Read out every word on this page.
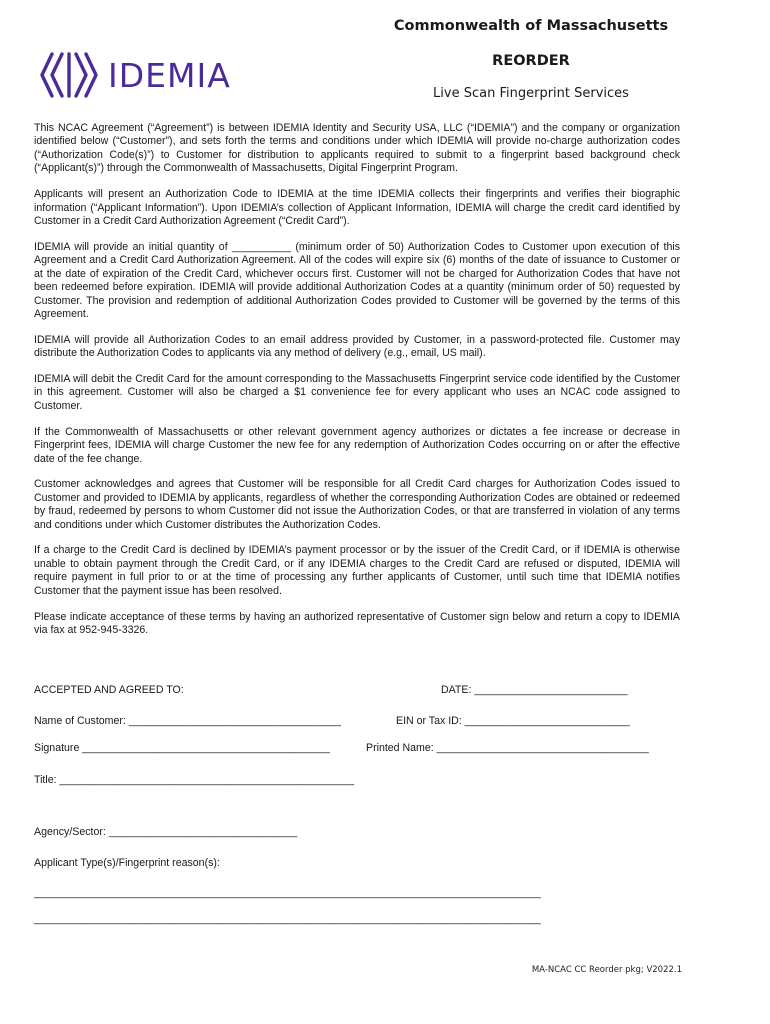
IDEMIA
Commonwealth of Massachusetts
REORDER
Live Scan Fingerprint Services

This NCAC Agreement (“Agreement”) is between IDEMIA Identity and Security USA, LLC (“IDEMIA”) and the company or organization identified below (“Customer”), and sets forth the terms and conditions under which IDEMIA will provide no-charge authorization codes (“Authorization Code(s)”) to Customer for distribution to applicants required to submit to a fingerprint based background check (“Applicant(s)”) through the Commonwealth of Massachusetts, Digital Fingerprint Program.

Applicants will present an Authorization Code to IDEMIA at the time IDEMIA collects their fingerprints and verifies their biographic information (“Applicant Information”). Upon IDEMIA’s collection of Applicant Information, IDEMIA will charge the credit card identified by Customer in a Credit Card Authorization Agreement (“Credit Card”).

IDEMIA will provide an initial quantity of __________ (minimum order of 50) Authorization Codes to Customer upon execution of this Agreement and a Credit Card Authorization Agreement. All of the codes will expire six (6) months of the date of issuance to Customer or at the date of expiration of the Credit Card, whichever occurs first. Customer will not be charged for Authorization Codes that have not been redeemed before expiration. IDEMIA will provide additional Authorization Codes at a quantity (minimum order of 50) requested by Customer. The provision and redemption of additional Authorization Codes provided to Customer will be governed by the terms of this Agreement.

IDEMIA will provide all Authorization Codes to an email address provided by Customer, in a password-protected file. Customer may distribute the Authorization Codes to applicants via any method of delivery (e.g., email, US mail).

IDEMIA will debit the Credit Card for the amount corresponding to the Massachusetts Fingerprint service code identified by the Customer in this agreement. Customer will also be charged a $1 convenience fee for every applicant who uses an NCAC code assigned to Customer.

If the Commonwealth of Massachusetts or other relevant government agency authorizes or dictates a fee increase or decrease in Fingerprint fees, IDEMIA will charge Customer the new fee for any redemption of Authorization Codes occurring on or after the effective date of the fee change.

Customer acknowledges and agrees that Customer will be responsible for all Credit Card charges for Authorization Codes issued to Customer and provided to IDEMIA by applicants, regardless of whether the corresponding Authorization Codes are obtained or redeemed by fraud, redeemed by persons to whom Customer did not issue the Authorization Codes, or that are transferred in violation of any terms and conditions under which Customer distributes the Authorization Codes.

If a charge to the Credit Card is declined by IDEMIA’s payment processor or by the issuer of the Credit Card, or if IDEMIA is otherwise unable to obtain payment through the Credit Card, or if any IDEMIA charges to the Credit Card are refused or disputed, IDEMIA will require payment in full prior to or at the time of processing any further applicants of Customer, until such time that IDEMIA notifies Customer that the payment issue has been resolved.

Please indicate acceptance of these terms by having an authorized representative of Customer sign below and return a copy to IDEMIA via fax at 952-945-3326.

ACCEPTED AND AGREED TO:	DATE: __________________________
Name of Customer: ____________________________________	EIN or Tax ID: ____________________________
Signature __________________________________________	Printed Name: ____________________________________
Title: __________________________________________________
Agency/Sector: ________________________________
Applicant Type(s)/Fingerprint reason(s):
______________________________________________________________________________________
______________________________________________________________________________________
MA-NCAC CC Reorder pkg; V2022.1
